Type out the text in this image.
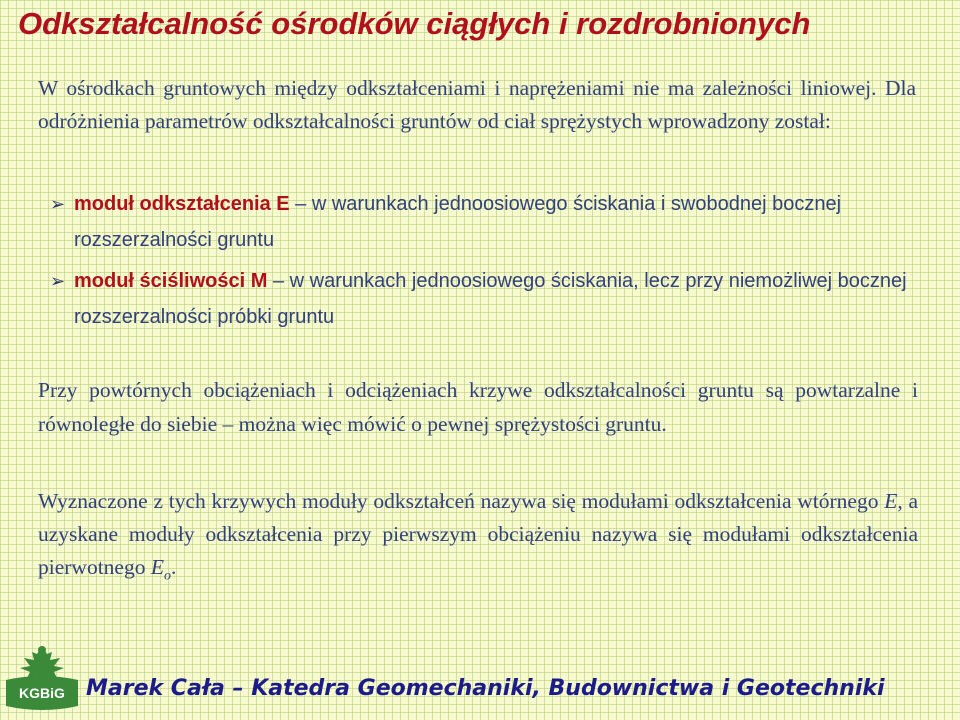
Odkształcalność ośrodków ciągłych i rozdrobnionych
W ośrodkach gruntowych między odkształceniami i naprężeniami nie ma zależności liniowej. Dla odróżnienia parametrów odkształcalności gruntów od ciał sprężystych wprowadzony został:
➢ moduł odkształcenia E – w warunkach jednoosiowego ściskania i swobodnej bocznej rozszerzalności gruntu
➢ moduł ściśliwości M – w warunkach jednoosiowego ściskania, lecz przy niemożliwej bocznej rozszerzalności próbki gruntu
Przy powtórnych obciążeniach i odciążeniach krzywe odkształcalności gruntu są powtarzalne i równoległe do siebie – można więc mówić o pewnej sprężystości gruntu.
Wyznaczone z tych krzywych moduły odkształceń nazywa się modułami odkształcenia wtórnego E, a uzyskane moduły odkształcenia przy pierwszym obciążeniu nazywa się modułami odkształcenia pierwotnego $E_o$.
KGBiG Marek Cała – Katedra Geomechaniki, Budownictwa i Geotechniki
